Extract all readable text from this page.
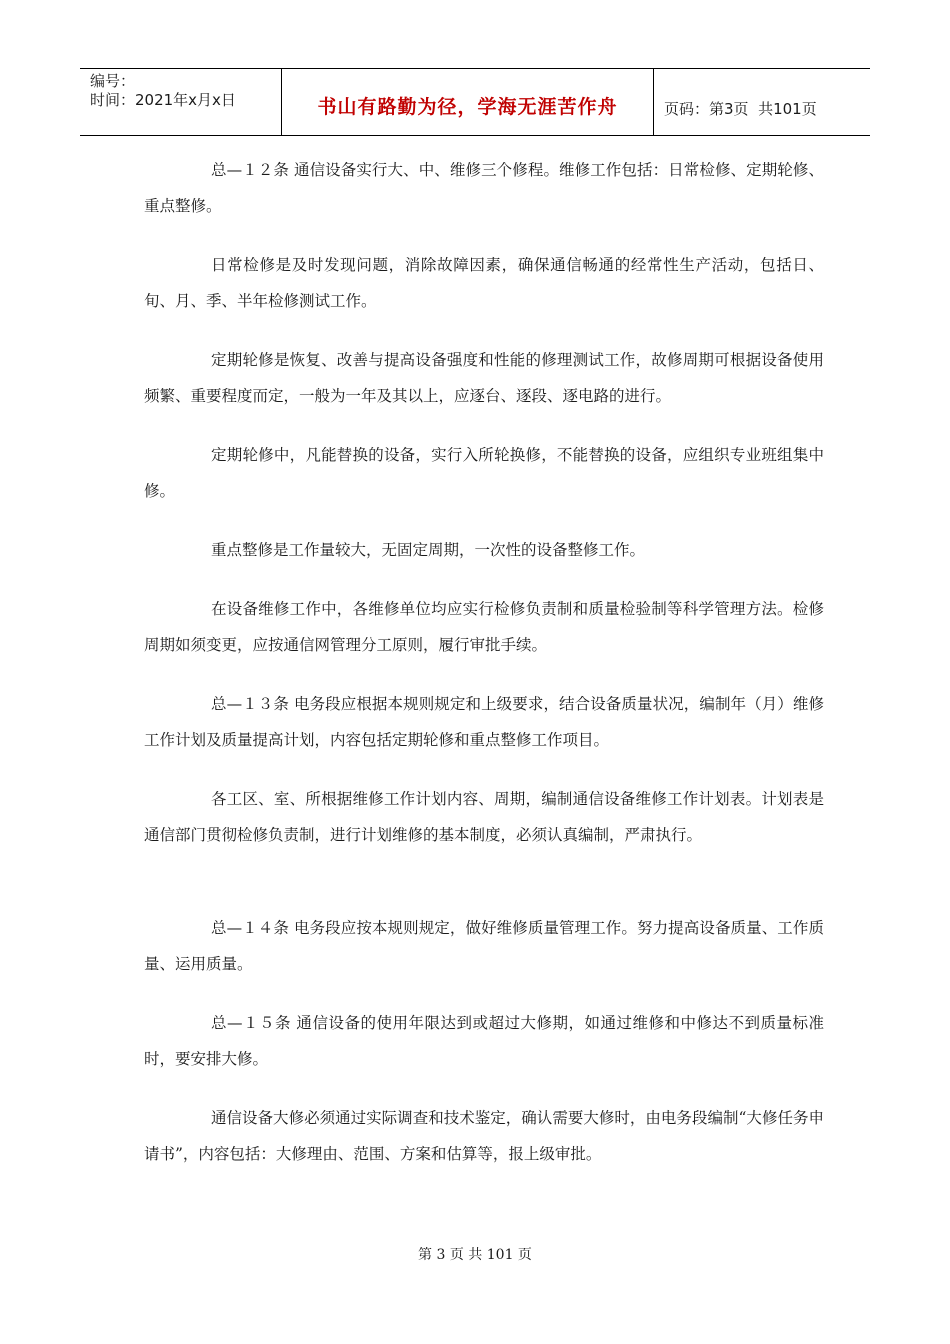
编号：
时间：2021年x月x日	书山有路勤为径，学海无涯苦作舟	页码：第3页  共101页

总—１２条 通信设备实行大、中、维修三个修程。维修工作包括：日常检修、定期轮修、重点整修。

日常检修是及时发现问题，消除故障因素，确保通信畅通的经常性生产活动，包括日、旬、月、季、半年检修测试工作。

定期轮修是恢复、改善与提高设备强度和性能的修理测试工作，故修周期可根据设备使用频繁、重要程度而定，一般为一年及其以上，应逐台、逐段、逐电路的进行。

定期轮修中，凡能替换的设备，实行入所轮换修，不能替换的设备，应组织专业班组集中修。

重点整修是工作量较大，无固定周期，一次性的设备整修工作。

在设备维修工作中，各维修单位均应实行检修负责制和质量检验制等科学管理方法。检修周期如须变更，应按通信网管理分工原则，履行审批手续。

总—１３条 电务段应根据本规则规定和上级要求，结合设备质量状况，编制年（月）维修工作计划及质量提高计划，内容包括定期轮修和重点整修工作项目。

各工区、室、所根据维修工作计划内容、周期，编制通信设备维修工作计划表。计划表是通信部门贯彻检修负责制，进行计划维修的基本制度，必须认真编制，严肃执行。

总—１４条 电务段应按本规则规定，做好维修质量管理工作。努力提高设备质量、工作质量、运用质量。

总—１５条 通信设备的使用年限达到或超过大修期，如通过维修和中修达不到质量标准时，要安排大修。

通信设备大修必须通过实际调查和技术鉴定，确认需要大修时，由电务段编制“大修任务申请书”，内容包括：大修理由、范围、方案和估算等，报上级审批。

第 3 页 共 101 页
